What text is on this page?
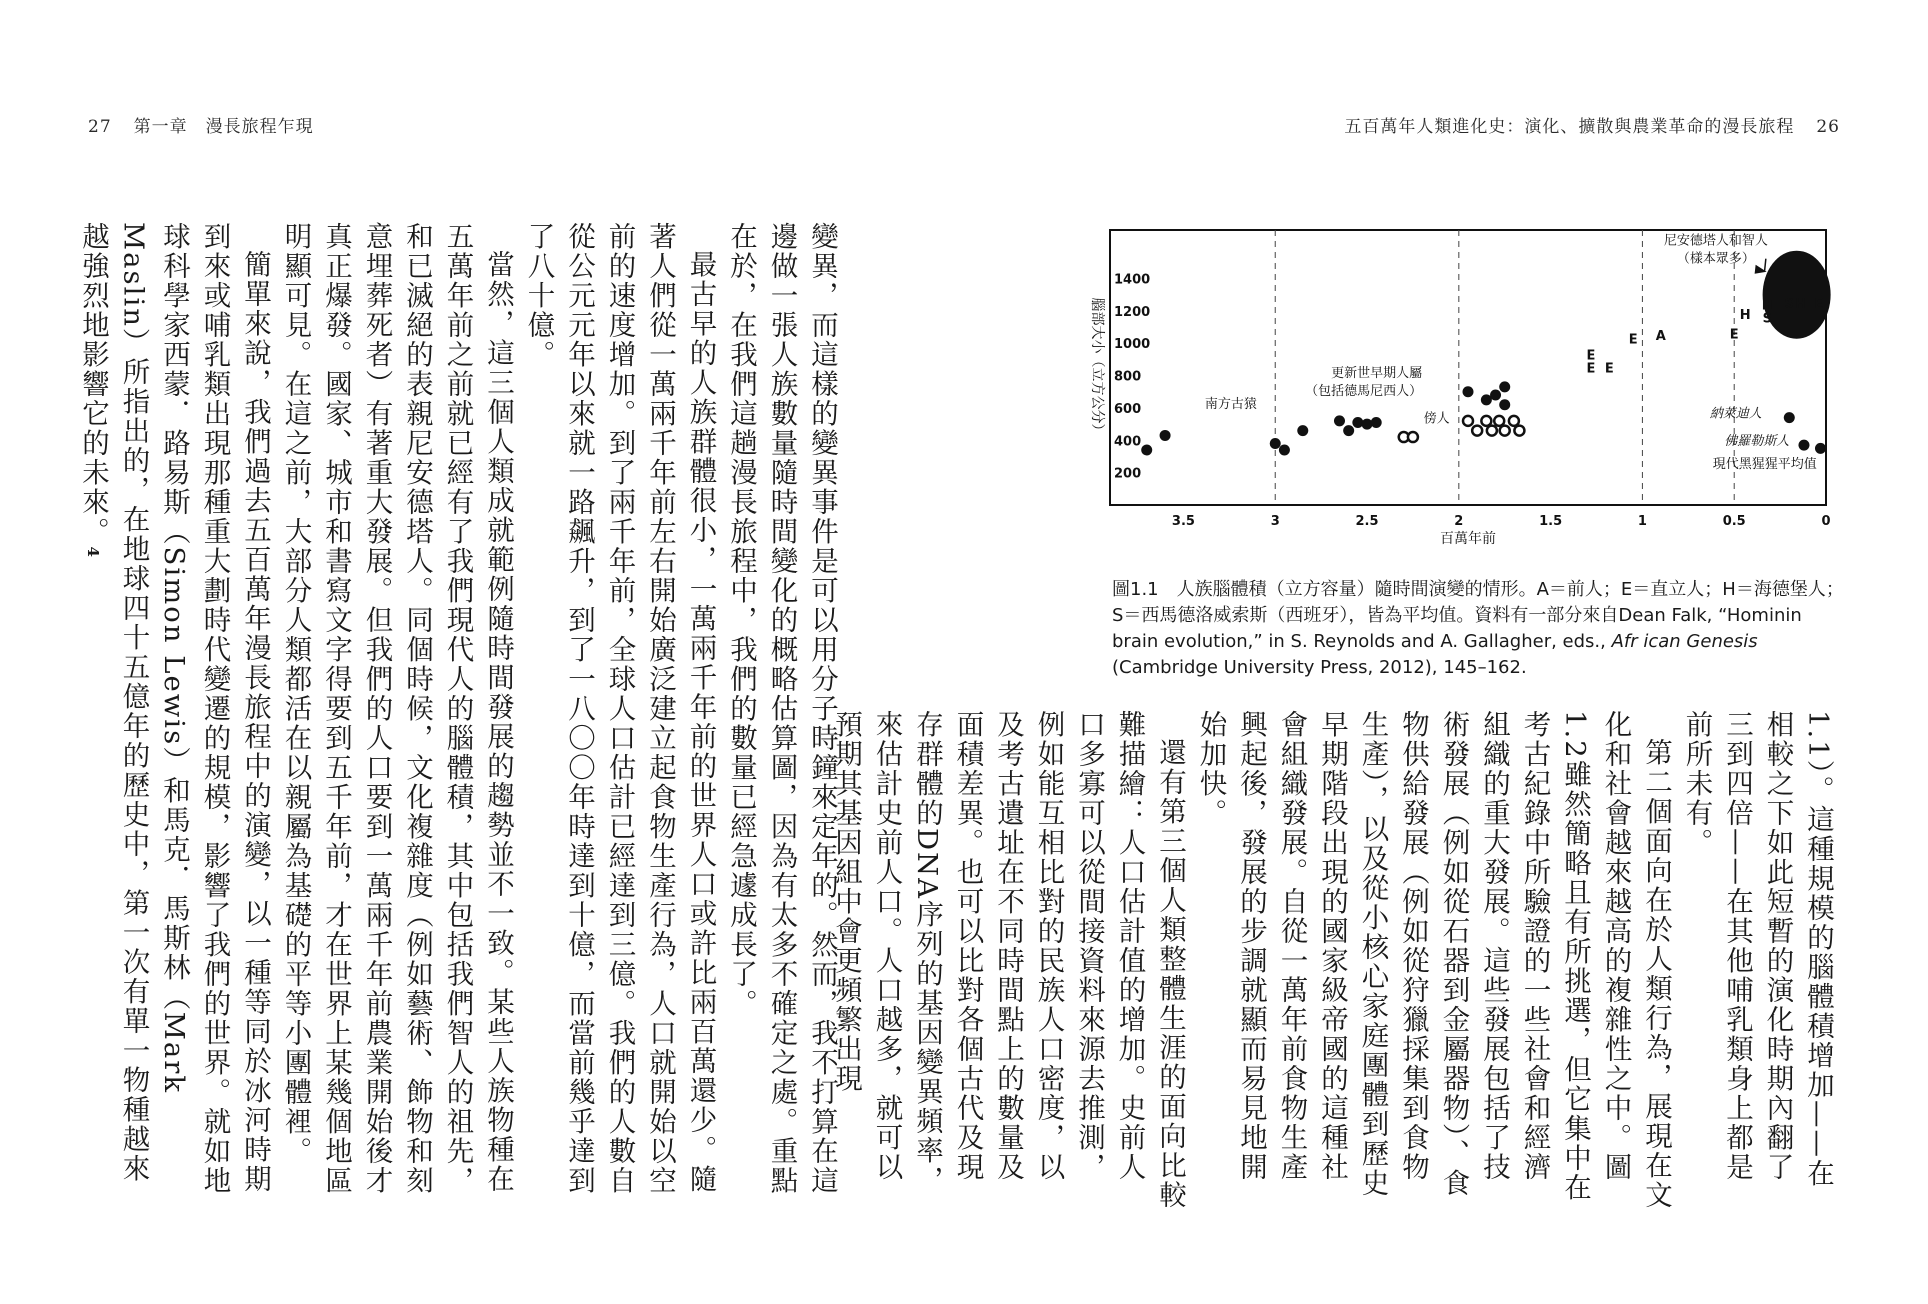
27 第一章　漫長旅程乍現	五百萬年人類進化史：演化、擴散與農業革命的漫長旅程 26

變異，而這樣的變異事件是可以用分子時鐘來定年的。然而，我不打算在這邊做一張人族數量隨時間變化的概略估算圖，因為有太多不確定之處。重點在於，在我們這趟漫長旅程中，我們的數量已經急遽成長了。

最古早的人族群體很小，一萬兩千年前的世界人口或許比兩百萬還少。隨著人們從一萬兩千年前左右開始廣泛建立起食物生產行為，人口就開始以空前的速度增加。到了兩千年前，全球人口估計已經達到三億。我們的人數自從公元元年以來就一路飆升，到了一八〇〇年時達到十億，而當前幾乎達到了八十億。

當然，這三個人類成就範例隨時間發展的趨勢並不一致。某些人族物種在五萬年前之前就已經有了我們現代人的腦體積，其中包括我們智人的祖先，和已滅絕的表親尼安德塔人。同個時候，文化複雜度（例如藝術、飾物和刻意埋葬死者）有著重大發展。但我們的人口要到一萬兩千年前農業開始後才真正爆發。國家、城市和書寫文字得要到五千年前，才在世界上某幾個地區明顯可見。在這之前，大部分人類都活在以親屬為基礎的平等小團體裡。

簡單來說，我們過去五百萬年漫長旅程中的演變，以一種等同於冰河時期到來或哺乳類出現那種重大劃時代變遷的規模，影響了我們的世界。就如地球科學家西蒙．路易斯（Simon Lewis）和馬克．馬斯林（Mark Maslin）所指出的，在地球四十五億年的歷史中，第一次有單一物種越來越強烈地影響它的未來。4

3.5	3	2.5	2	1.5	1	0.5	0
1400
1200
1000
800
600
400
200
百萬年前
腦部大小（立方公分）	E
E
E
E A	E
H S
H S H E
尼安德塔人和智人
（樣本眾多）
南方古猿
更新世早期人屬
（包括德馬尼西人）
傍人	納萊迪人
佛羅勒斯人
現代黑猩猩平均值
圖1.1　人族腦體積（立方容量）隨時間演變的情形。A＝前人；E＝直立人；H＝海德堡人；S＝西馬德洛威索斯（西班牙），皆為平均值。資料有一部分來自Dean Falk, “Hominin brain evolution,” in S. Reynolds and A. Gallagher, eds., Afr ican Genesis (Cambridge University Press, 2012), 145–162.

1.1）。這種規模的腦體積增加——在相較之下如此短暫的演化時期內翻了三到四倍——在其他哺乳類身上都是前所未有。

第二個面向在於人類行為，展現在文化和社會越來越高的複雜性之中。圖1.2雖然簡略且有所挑選，但它集中在考古紀錄中所驗證的一些社會和經濟組織的重大發展。這些發展包括了技術發展（例如從石器到金屬器物）、食物供給發展（例如從狩獵採集到食物生產），以及從小核心家庭團體到歷史早期階段出現的國家級帝國的這種社會組織發展。自從一萬年前食物生產興起後，發展的步調就顯而易見地開始加快。

還有第三個人類整體生涯的面向比較難描繪：人口估計值的增加。史前人口多寡可以從間接資料來源去推測，例如能互相比對的民族人口密度，以及考古遺址在不同時間點上的數量及面積差異。也可以比對各個古代及現存群體的DNA序列的基因變異頻率，來估計史前人口。人口越多，就可以預期其基因組中會更頻繁出現
